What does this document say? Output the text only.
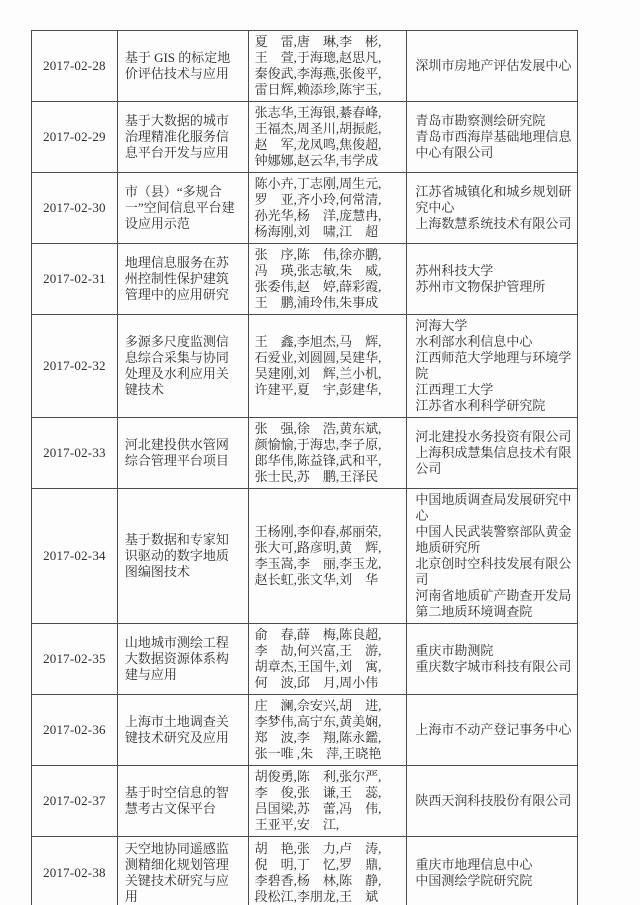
2017-02-28
基于 GIS 的标定地价评估技术与应用
夏　雷,唐　琳,李　彬,
王　萱,于海璁,赵思凡,
秦俊武,李海燕,张俊平,
雷日辉,赖添珍,陈宇玉,
深圳市房地产评估发展中心
2017-02-29
基于大数据的城市治理精准化服务信息平台开发与应用
张志华,王海银,綦春峰,
王福杰,周圣川,胡振彪,
赵　军,龙凤鸣,焦俊超,
钟娜娜,赵云华,韦学成
青岛市勘察测绘研究院
青岛市西海岸基础地理信息中心有限公司
2017-02-30
市（县）“多规合一”空间信息平台建设应用示范
陈小卉,丁志刚,周生元,
罗　亚,齐小玲,何常清,
孙光华,杨　洋,庞慧冉,
杨海刚,刘　啸,江　超
江苏省城镇化和城乡规划研究中心
上海数慧系统技术有限公司
2017-02-31
地理信息服务在苏州控制性保护建筑管理中的应用研究
张　序,陈　伟,徐亦鹏,
冯　瑛,张志敏,朱　威,
张委伟,赵　婷,薛彩霞,
王　鹏,浦玲伟,朱事成
苏州科技大学
苏州市文物保护管理所
2017-02-32
多源多尺度监测信息综合采集与协同处理及水利应用关键技术
王　鑫,李旭杰,马　辉,
石爱业,刘圆圆,吴建华,
吴建刚,刘　辉,兰小机,
许建平,夏　宇,彭建华,
河海大学
水利部水利信息中心
江西师范大学地理与环境学院
江西理工大学
江苏省水利科学研究院
2017-02-33
河北建投供水管网综合管理平台项目
张　强,徐　浩,黄东斌,
颜愉愉,于海忠,李子原,
郎华伟,陈益锋,武和平,
张士民,苏　鹏,王泽民
河北建投水务投资有限公司
上海积成慧集信息技术有限公司
2017-02-34
基于数据和专家知识驱动的数字地质图编图技术
王杨刚,李仰春,郝丽荣,
张大可,路彦明,黄　辉,
李玉嵩,李　丽,李玉龙,
赵长虹,张文华,刘　华
中国地质调查局发展研究中心
中国人民武装警察部队黄金地质研究所
北京创时空科技发展有限公司
河南省地质矿产勘查开发局第二地质环境调查院
2017-02-35
山地城市测绘工程大数据资源体系构建与应用
俞　春,薛　梅,陈良超,
李　劼,何兴富,王　游,
胡章杰,王国牛,刘　寓,
何　波,邱　月,周小伟
重庆市勘测院
重庆数字城市科技有限公司
2017-02-36
上海市土地调查关键技术研究及应用
庄　澜,佘安兴,胡　进,
李梦伟,高宁东,黄美娴,
郑　波,李　翔,陈永鑑,
张一唯 ,朱　萍,王晓艳
上海市不动产登记事务中心
2017-02-37
基于时空信息的智慧考古文保平台
胡俊勇,陈　利,张尔严,
李　俊,张　谦,王　蕊,
吕国梁,苏　蕾,冯　伟,
王亚平,安　江,
陕西天润科技股份有限公司
2017-02-38
天空地协同遥感监测精细化规划管理关键技术研究与应用
胡　艳,张　力,卢　涛,
倪　明,丁　忆,罗　鼎,
李碧香,杨　林,陈　静,
段松江,李朋龙,王　斌
重庆市地理信息中心
中国测绘学院研究院
